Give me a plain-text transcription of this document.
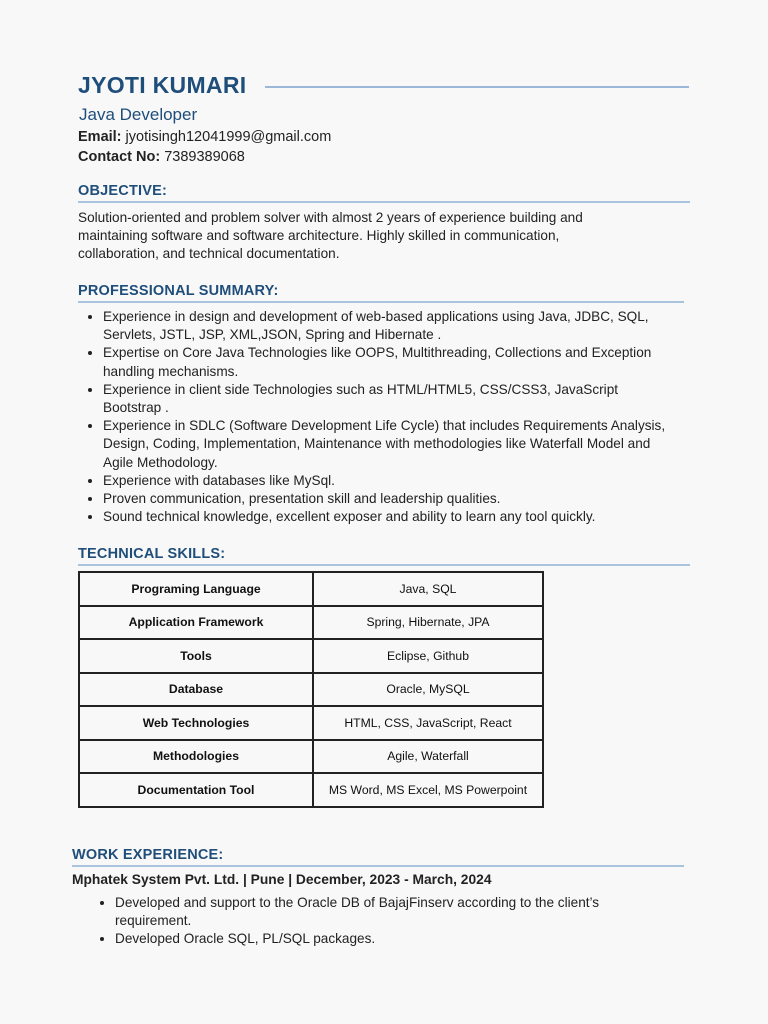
JYOTI KUMARI
Java Developer
Email: jyotisingh12041999@gmail.com
Contact No: 7389389068
OBJECTIVE:
Solution-oriented and problem solver with almost 2 years of experience building and maintaining software and software architecture. Highly skilled in communication, collaboration, and technical documentation.
PROFESSIONAL SUMMARY:
• Experience in design and development of web-based applications using Java, JDBC, SQL, Servlets, JSTL, JSP, XML,JSON, Spring and Hibernate .
• Expertise on Core Java Technologies like OOPS, Multithreading, Collections and Exception handling mechanisms.
• Experience in client side Technologies such as HTML/HTML5, CSS/CSS3, JavaScript Bootstrap .
• Experience in SDLC (Software Development Life Cycle) that includes Requirements Analysis, Design, Coding, Implementation, Maintenance with methodologies like Waterfall Model and Agile Methodology.
• Experience with databases like MySql.
• Proven communication, presentation skill and leadership qualities.
• Sound technical knowledge, excellent exposer and ability to learn any tool quickly.
TECHNICAL SKILLS:
Programing Language	Java, SQL
Application Framework	Spring, Hibernate, JPA
Tools	Eclipse, Github
Database	Oracle, MySQL
Web Technologies	HTML, CSS, JavaScript, React
Methodologies	Agile, Waterfall
Documentation Tool	MS Word, MS Excel, MS Powerpoint
WORK EXPERIENCE:
Mphatek System Pvt. Ltd. | Pune | December, 2023 - March, 2024
• Developed and support to the Oracle DB of BajajFinserv according to the client’s requirement.
• Developed Oracle SQL, PL/SQL packages.
